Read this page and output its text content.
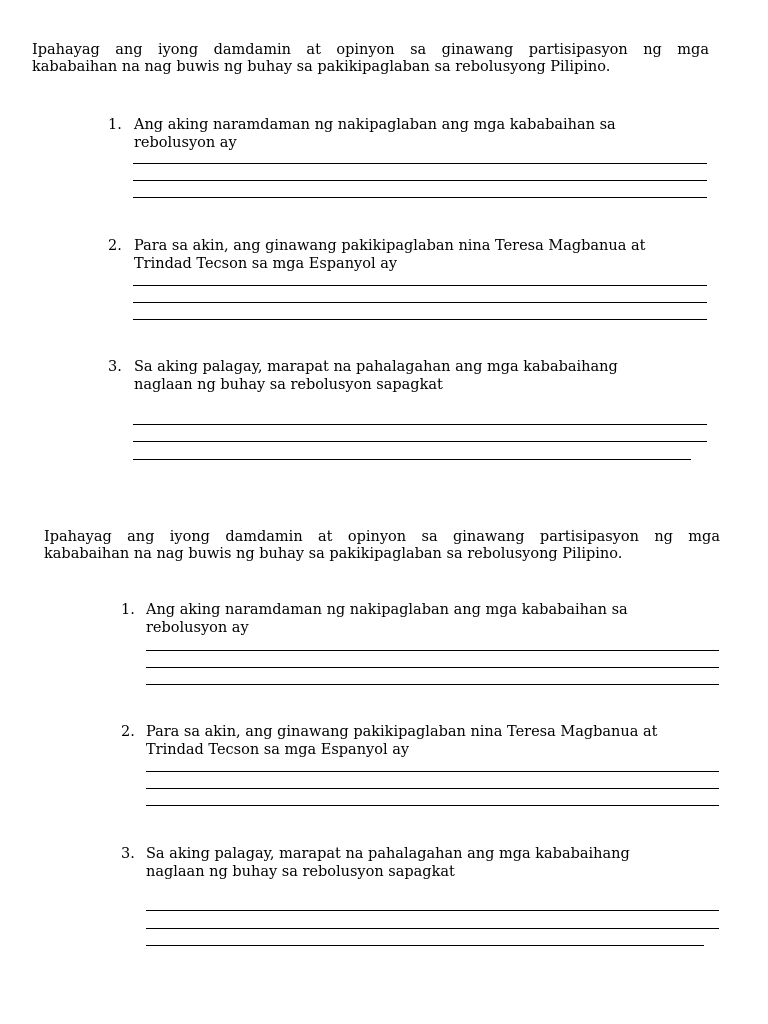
Ipahayag ang iyong damdamin at opinyon sa ginawang partisipasyon ng mga
kababaihan na nag buwis ng buhay sa pakikipaglaban sa rebolusyong Pilipino.

1. Ang aking naramdaman ng nakipaglaban ang mga kababaihan sa
rebolusyon ay
2. Para sa akin, ang ginawang pakikipaglaban nina Teresa Magbanua at
Trindad Tecson sa mga Espanyol ay
3. Sa aking palagay, marapat na pahalagahan ang mga kababaihang
naglaan ng buhay sa rebolusyon sapagkat

Ipahayag ang iyong damdamin at opinyon sa ginawang partisipasyon ng mga
kababaihan na nag buwis ng buhay sa pakikipaglaban sa rebolusyong Pilipino.

1. Ang aking naramdaman ng nakipaglaban ang mga kababaihan sa
rebolusyon ay
2. Para sa akin, ang ginawang pakikipaglaban nina Teresa Magbanua at
Trindad Tecson sa mga Espanyol ay
3. Sa aking palagay, marapat na pahalagahan ang mga kababaihang
naglaan ng buhay sa rebolusyon sapagkat
